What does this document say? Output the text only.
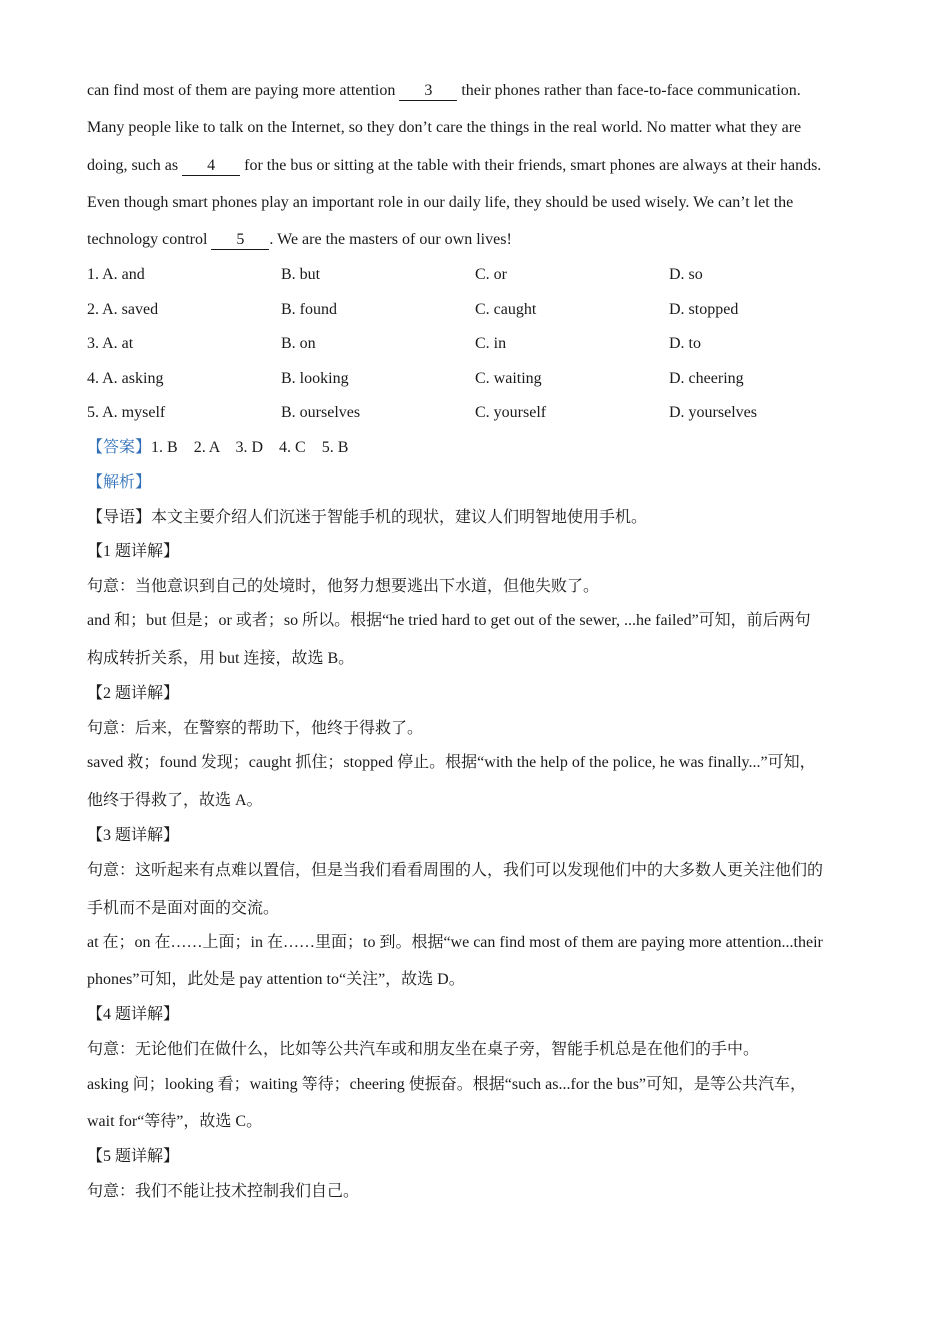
can find most of them are paying more attention 3 their phones rather than face-to-face communication.
Many people like to talk on the Internet, so they don’t care the things in the real world. No matter what they are
doing, such as 4 for the bus or sitting at the table with their friends, smart phones are always at their hands.
Even though smart phones play an important role in our daily life, they should be used wisely. We can’t let the
technology control 5 . We are the masters of our own lives!
1. A. and	B. but	C. or	D. so
2. A. saved	B. found	C. caught	D. stopped
3. A. at	B. on	C. in	D. to
4. A. asking	B. looking	C. waiting	D. cheering
5. A. myself	B. ourselves	C. yourself	D. yourselves
【答案】1. B    2. A    3. D    4. C    5. B
【解析】
【导语】本文主要介绍人们沉迷于智能手机的现状，建议人们明智地使用手机。
【1 题详解】
句意：当他意识到自己的处境时，他努力想要逃出下水道，但他失败了。
and 和；but 但是；or 或者；so 所以。根据“he tried hard to get out of the sewer, ...he failed”可知，前后两句
构成转折关系，用 but 连接，故选 B。
【2 题详解】
句意：后来，在警察的帮助下，他终于得救了。
saved 救；found 发现；caught 抓住；stopped 停止。根据“with the help of the police, he was finally...”可知，
他终于得救了，故选 A。
【3 题详解】
句意：这听起来有点难以置信，但是当我们看看周围的人，我们可以发现他们中的大多数人更关注他们的
手机而不是面对面的交流。
at 在；on 在……上面；in 在……里面；to 到。根据“we can find most of them are paying more attention...their
phones”可知，此处是 pay attention to“关注”，故选 D。
【4 题详解】
句意：无论他们在做什么，比如等公共汽车或和朋友坐在桌子旁，智能手机总是在他们的手中。
asking 问；looking 看；waiting 等待；cheering 使振奋。根据“such as...for the bus”可知，是等公共汽车，
wait for“等待”，故选 C。
【5 题详解】
句意：我们不能让技术控制我们自己。
